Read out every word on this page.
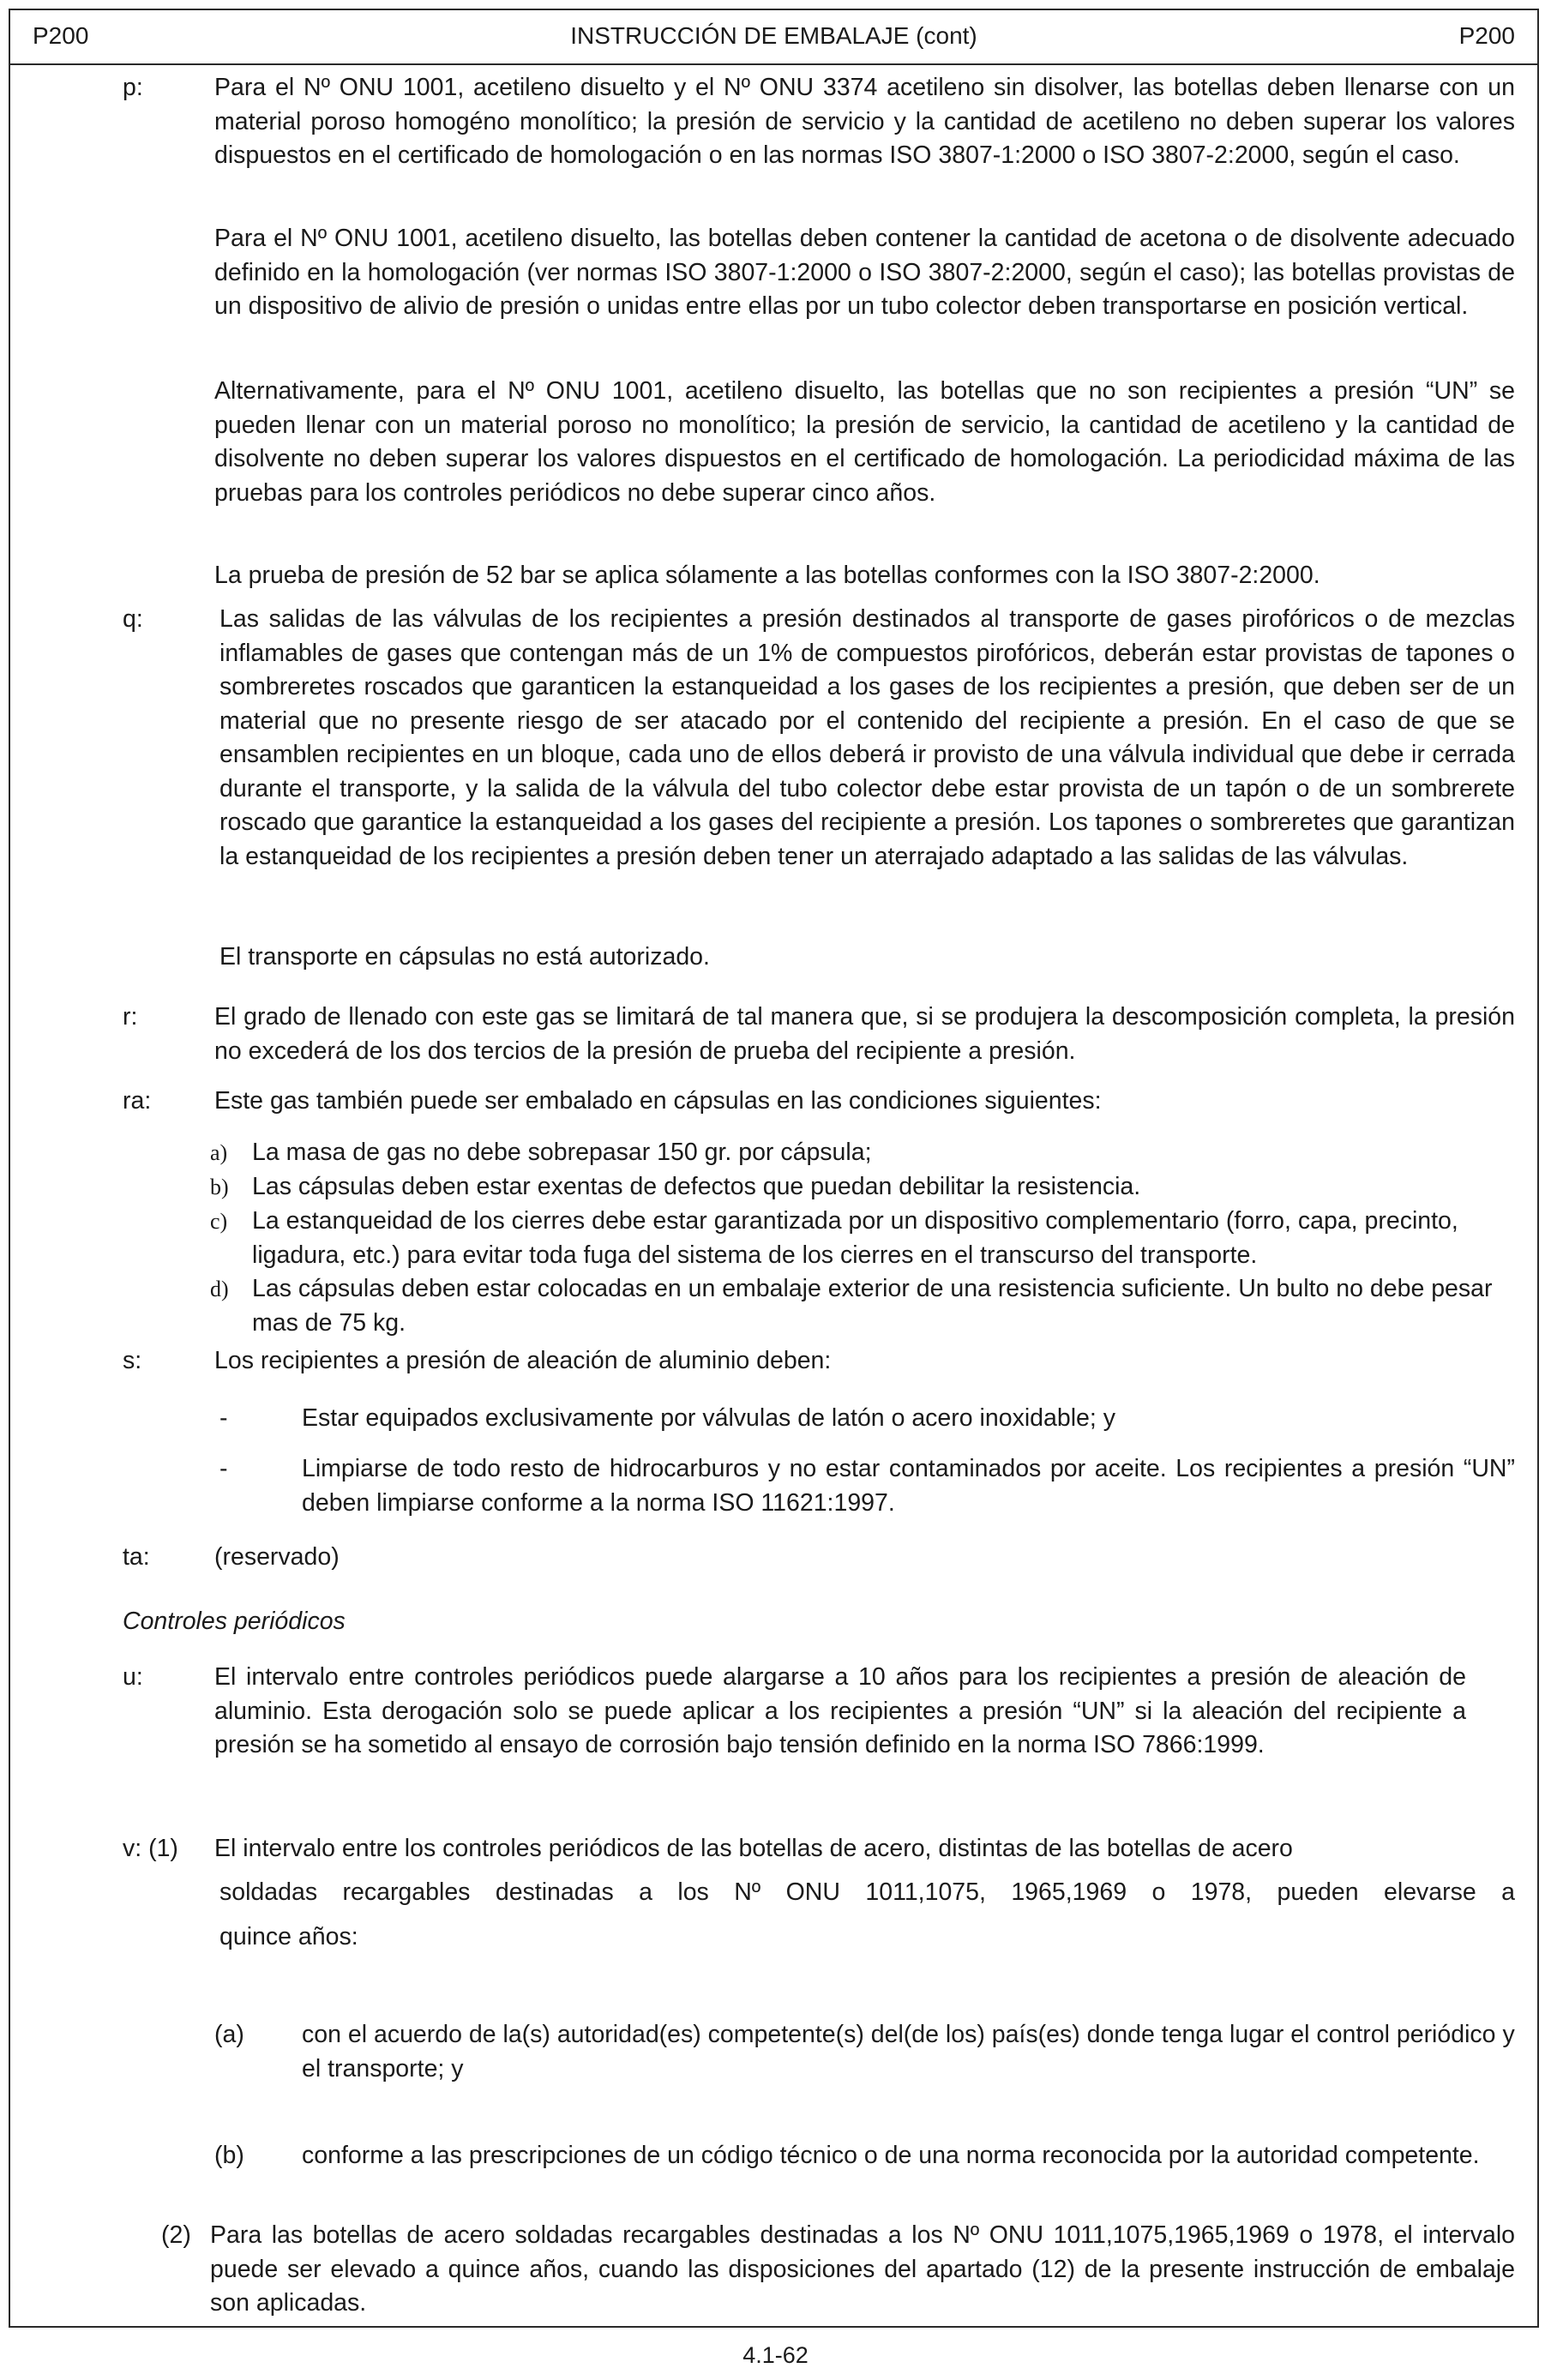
P200	INSTRUCCIÓN DE EMBALAJE (cont)	P200
p:	Para el Nº ONU 1001, acetileno disuelto y el Nº ONU 3374 acetileno sin disolver, las botellas deben llenarse con un material poroso homogéno monolítico; la presión de servicio y la cantidad de acetileno no deben superar los valores dispuestos en el certificado de homologación o en las normas ISO 3807-1:2000 o ISO 3807-2:2000, según el caso.

Para el Nº ONU 1001, acetileno disuelto, las botellas deben contener la cantidad de acetona o de disolvente adecuado definido en la homologación (ver normas ISO 3807-1:2000 o ISO 3807-2:2000, según el caso); las botellas provistas de un dispositivo de alivio de presión o unidas entre ellas por un tubo colector deben transportarse en posición vertical.

Alternativamente, para el Nº ONU 1001, acetileno disuelto, las botellas que no son recipientes a presión “UN” se pueden llenar con un material poroso no monolítico; la presión de servicio, la cantidad de acetileno y la cantidad de disolvente no deben superar los valores dispuestos en el certificado de homologación. La periodicidad máxima de las pruebas para los controles periódicos no debe superar cinco años.

La prueba de presión de 52 bar se aplica sólamente a las botellas conformes con la ISO 3807-2:2000.

q:	Las salidas de las válvulas de los recipientes a presión destinados al transporte de gases pirofóricos o de mezclas inflamables de gases que contengan más de un 1% de compuestos pirofóricos, deberán estar provistas de tapones o sombreretes roscados que garanticen la estanqueidad a los gases de los recipientes a presión, que deben ser de un material que no presente riesgo de ser atacado por el contenido del recipiente a presión. En el caso de que se ensamblen recipientes en un bloque, cada uno de ellos deberá ir provisto de una válvula individual que debe ir cerrada durante el transporte, y la salida de la válvula del tubo colector debe estar provista de un tapón o de un sombrerete roscado que garantice la estanqueidad a los gases del recipiente a presión. Los tapones o sombreretes que garantizan la estanqueidad de los recipientes a presión deben tener un aterrajado adaptado a las salidas de las válvulas.

El transporte en cápsulas no está autorizado.

r:	El grado de llenado con este gas se limitará de tal manera que, si se produjera la descomposición completa, la presión no excederá de los dos tercios de la presión de prueba del recipiente a presión.

ra:	Este gas también puede ser embalado en cápsulas en las condiciones siguientes:

a) La masa de gas no debe sobrepasar 150 gr. por cápsula;

b) Las cápsulas deben estar exentas de defectos que puedan debilitar la resistencia.

c) La estanqueidad de los cierres debe estar garantizada por un dispositivo complementario (forro, capa, precinto, ligadura, etc.) para evitar toda fuga del sistema de los cierres en el transcurso del transporte.

d) Las cápsulas deben estar colocadas en un embalaje exterior de una resistencia suficiente. Un bulto no debe pesar mas de 75 kg.

s:	Los recipientes a presión de aleación de aluminio deben:

-	Estar equipados exclusivamente por válvulas de latón o acero inoxidable; y

-	Limpiarse de todo resto de hidrocarburos y no estar contaminados por aceite. Los recipientes a presión “UN” deben limpiarse conforme a la norma ISO 11621:1997.

ta:	(reservado)

Controles periódicos

u:	El intervalo entre controles periódicos puede alargarse a 10 años para los recipientes a presión de aleación de aluminio. Esta derogación solo se puede aplicar a los recipientes a presión “UN” si la aleación del recipiente a presión se ha sometido al ensayo de corrosión bajo tensión definido en la norma ISO 7866:1999.

v: (1) El intervalo entre los controles periódicos de las botellas de acero, distintas de las botellas de acero

soldadas recargables destinadas a los Nº ONU 1011,1075, 1965,1969 o 1978, pueden elevarse a

quince años:

(a) con el acuerdo de la(s) autoridad(es) competente(s) del(de los) país(es) donde tenga lugar el control periódico y el transporte; y

(b) conforme a las prescripciones de un código técnico o de una norma reconocida por la autoridad competente.

(2) Para las botellas de acero soldadas recargables destinadas a los Nº ONU 1011,1075,1965,1969 o 1978, el intervalo puede ser elevado a quince años, cuando las disposiciones del apartado (12) de la presente instrucción de embalaje son aplicadas.

4.1-62
